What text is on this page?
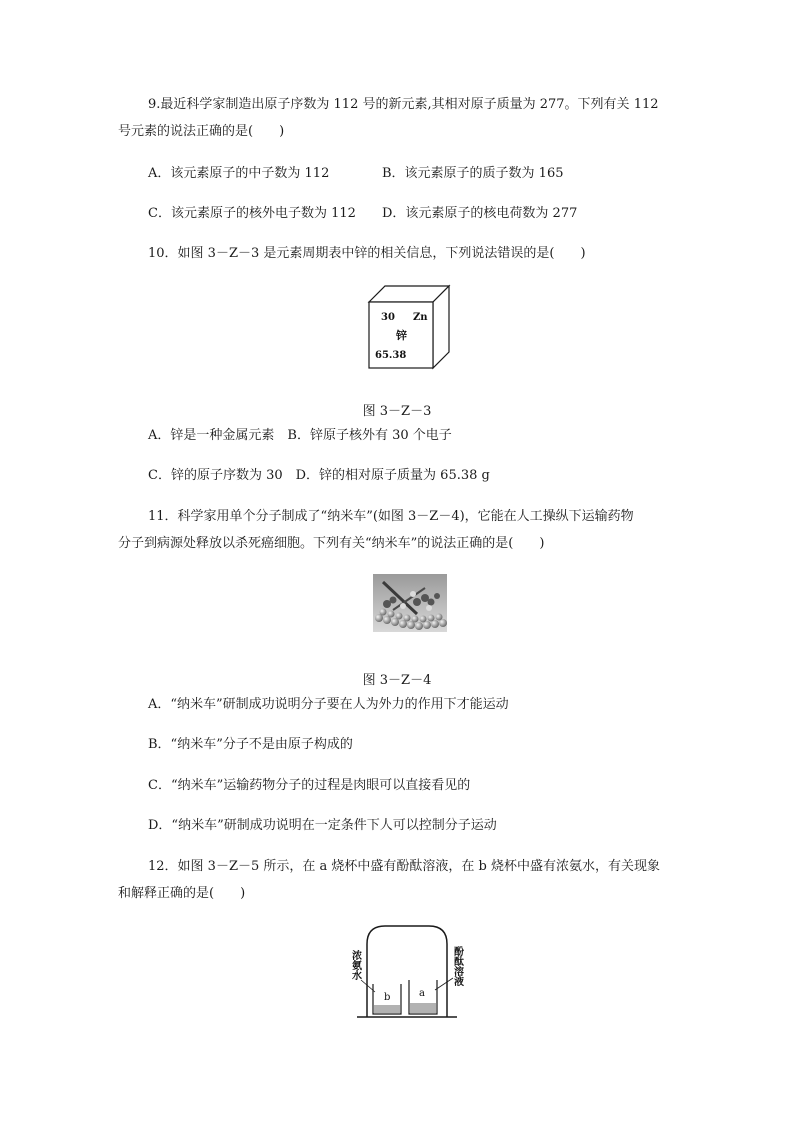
9.最近科学家制造出原子序数为 112 号的新元素,其相对原子质量为 277。下列有关 112

号元素的说法正确的是(　　)

A．该元素原子的中子数为 112	B．该元素原子的质子数为 165

C．该元素原子的核外电子数为 112 D．该元素原子的核电荷数为 277

10．如图 3－Z－3 是元素周期表中锌的相关信息，下列说法错误的是(　　)

30 Zn
锌
65.38

图 3－Z－3

A．锌是一种金属元素　B．锌原子核外有 30 个电子

C．锌的原子序数为 30　D．锌的相对原子质量为 65.38 g

11．科学家用单个分子制成了“纳米车”(如图 3－Z－4)，它能在人工操纵下运输药物

分子到病源处释放以杀死癌细胞。下列有关“纳米车”的说法正确的是(　　)

图 3－Z－4

A．“纳米车”研制成功说明分子要在人为外力的作用下才能运动

B．“纳米车”分子不是由原子构成的

C．“纳米车”运输药物分子的过程是肉眼可以直接看见的

D．“纳米车”研制成功说明在一定条件下人可以控制分子运动

12．如图 3－Z－5 所示，在 a 烧杯中盛有酚酞溶液，在 b 烧杯中盛有浓氨水，有关现象

和解释正确的是(　　)

b	a
浓氨水	酚酞溶液
